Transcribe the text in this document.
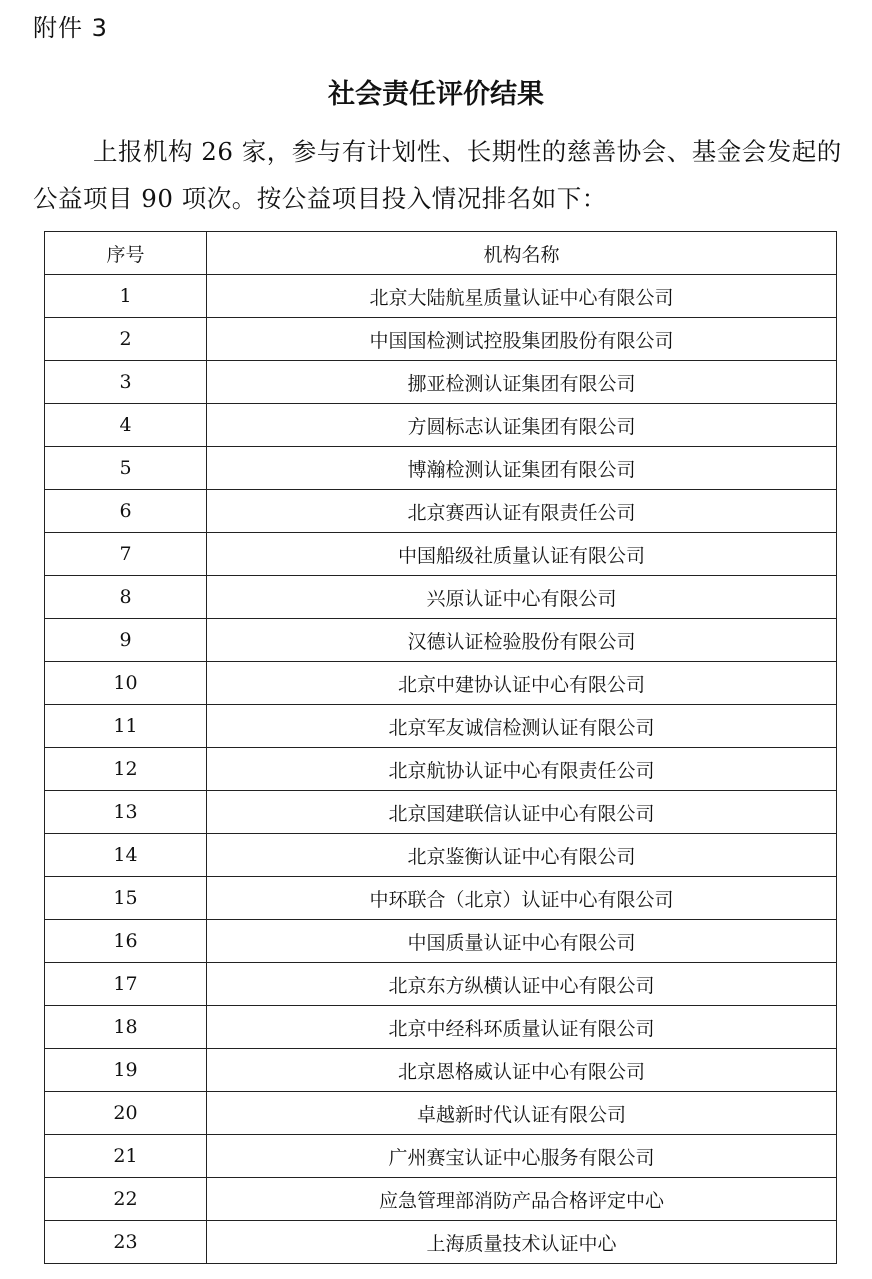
附件 3
社会责任评价结果
上报机构 26 家，参与有计划性、长期性的慈善协会、基金会发起的公益项目 90 项次。按公益项目投入情况排名如下：
序号	机构名称
1	北京大陆航星质量认证中心有限公司
2	中国国检测试控股集团股份有限公司
3	挪亚检测认证集团有限公司
4	方圆标志认证集团有限公司
5	博瀚检测认证集团有限公司
6	北京赛西认证有限责任公司
7	中国船级社质量认证有限公司
8	兴原认证中心有限公司
9	汉德认证检验股份有限公司
10	北京中建协认证中心有限公司
11	北京军友诚信检测认证有限公司
12	北京航协认证中心有限责任公司
13	北京国建联信认证中心有限公司
14	北京鉴衡认证中心有限公司
15	中环联合（北京）认证中心有限公司
16	中国质量认证中心有限公司
17	北京东方纵横认证中心有限公司
18	北京中经科环质量认证有限公司
19	北京恩格威认证中心有限公司
20	卓越新时代认证有限公司
21	广州赛宝认证中心服务有限公司
22	应急管理部消防产品合格评定中心
23	上海质量技术认证中心
